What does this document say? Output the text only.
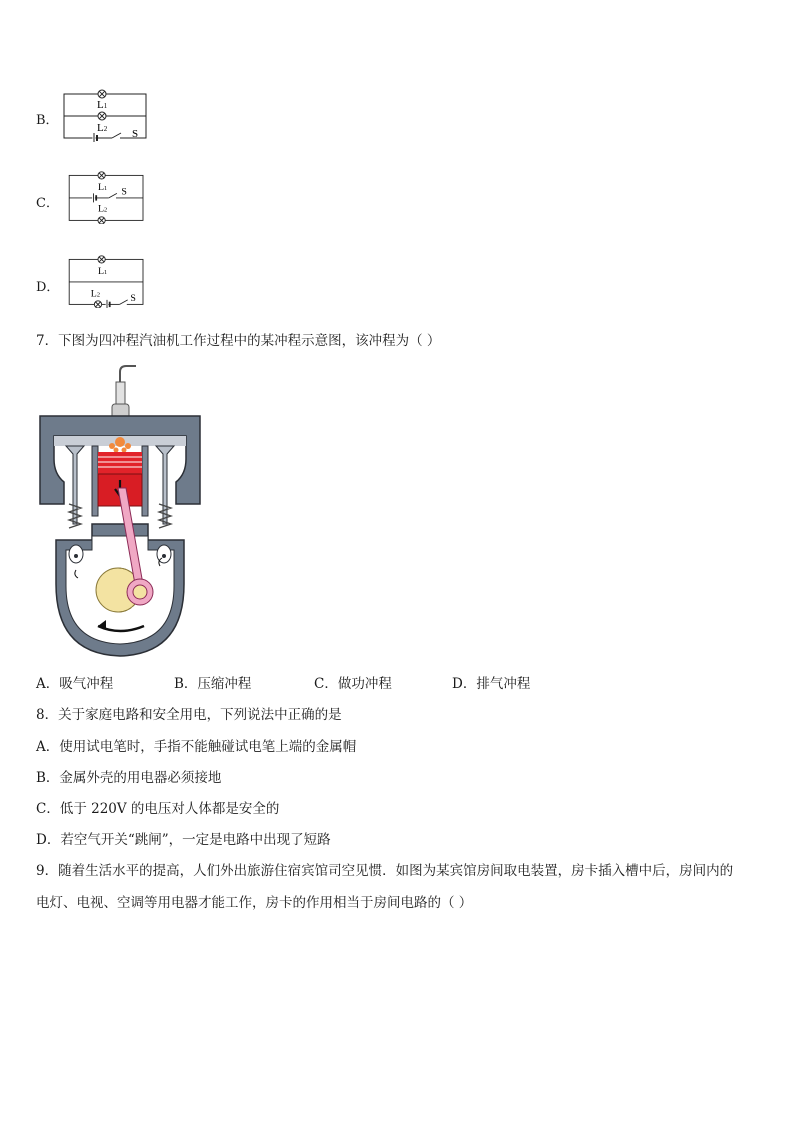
B．
L1
L2 S
C．
L1
L2
S
D．
L1
L2	S
7．下图为四冲程汽油机工作过程中的某冲程示意图，该冲程为（ ）
A．吸气冲程	B．压缩冲程	C．做功冲程	D．排气冲程
8．关于家庭电路和安全用电，下列说法中正确的是
A．使用试电笔时，手指不能触碰试电笔上端的金属帽
B．金属外壳的用电器必须接地
C．低于 220V 的电压对人体都是安全的
D．若空气开关“跳闸”，一定是电路中出现了短路
9．随着生活水平的提高，人们外出旅游住宿宾馆司空见惯．如图为某宾馆房间取电装置，房卡插入槽中后，房间内的
电灯、电视、空调等用电器才能工作，房卡的作用相当于房间电路的（ ）
